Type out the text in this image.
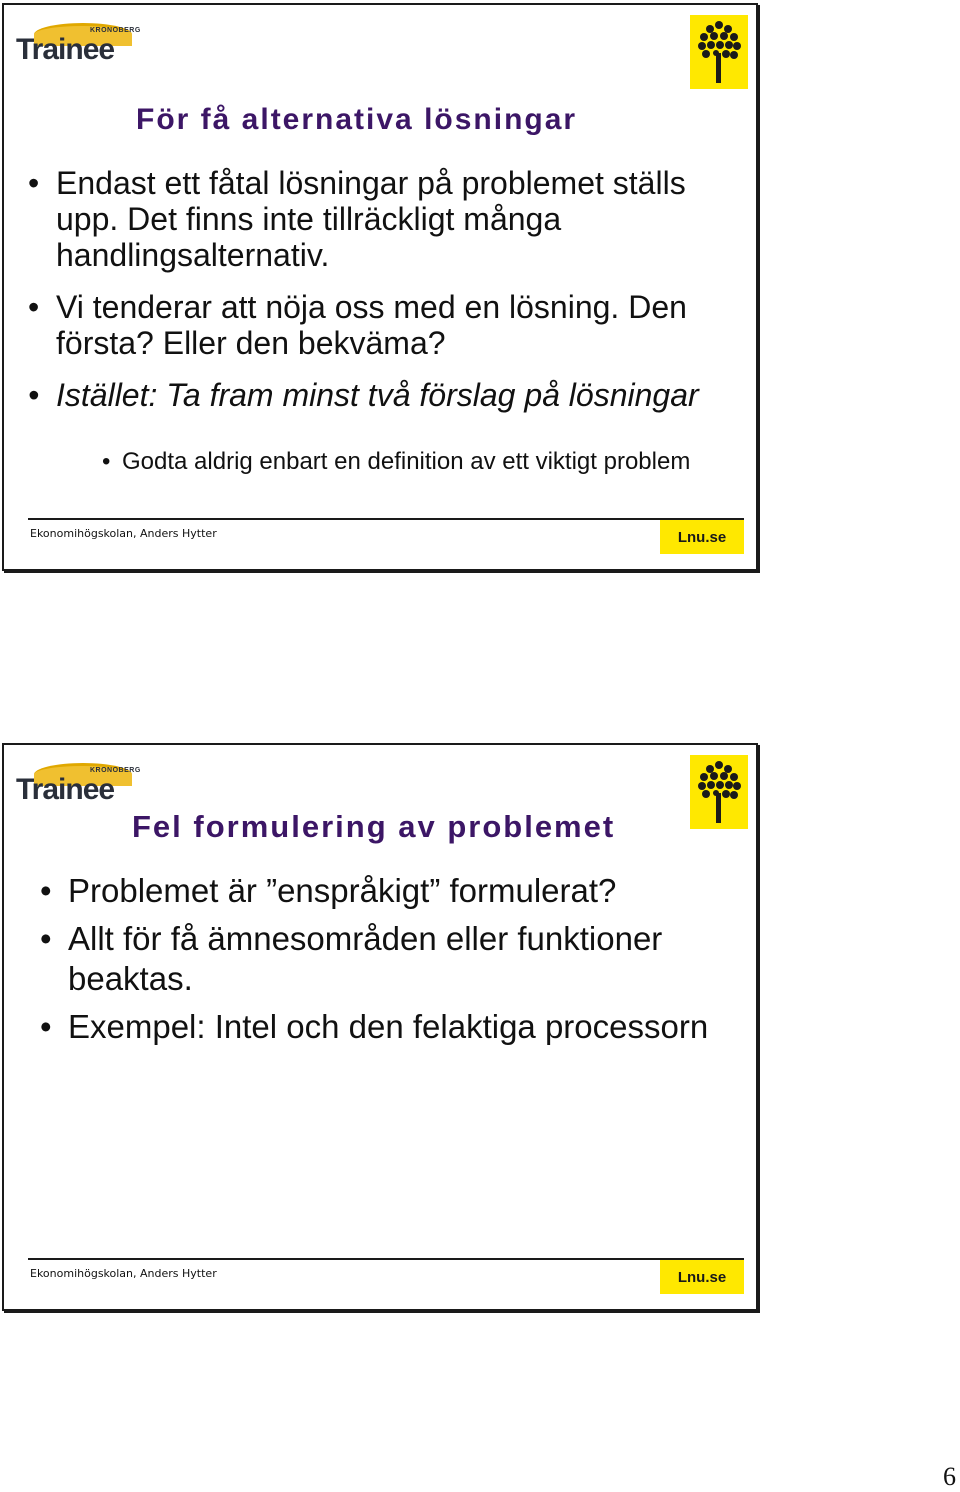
KRONOBERG
Trainee
För få alternativa lösningar
• Endast ett fåtal lösningar på problemet ställs upp. Det finns inte tillräckligt många handlingsalternativ.
• Vi tenderar att nöja oss med en lösning. Den första? Eller den bekväma?
• Istället: Ta fram minst två förslag på lösningar
• Godta aldrig enbart en definition av ett viktigt problem
Ekonomihögskolan, Anders Hytter	Lnu.se
KRONOBERG
Trainee
Fel formulering av problemet
• Problemet är ”enspråkigt” formulerat?
• Allt för få ämnesområden eller funktioner beaktas.
• Exempel: Intel och den felaktiga processorn
Ekonomihögskolan, Anders Hytter	Lnu.se
6
